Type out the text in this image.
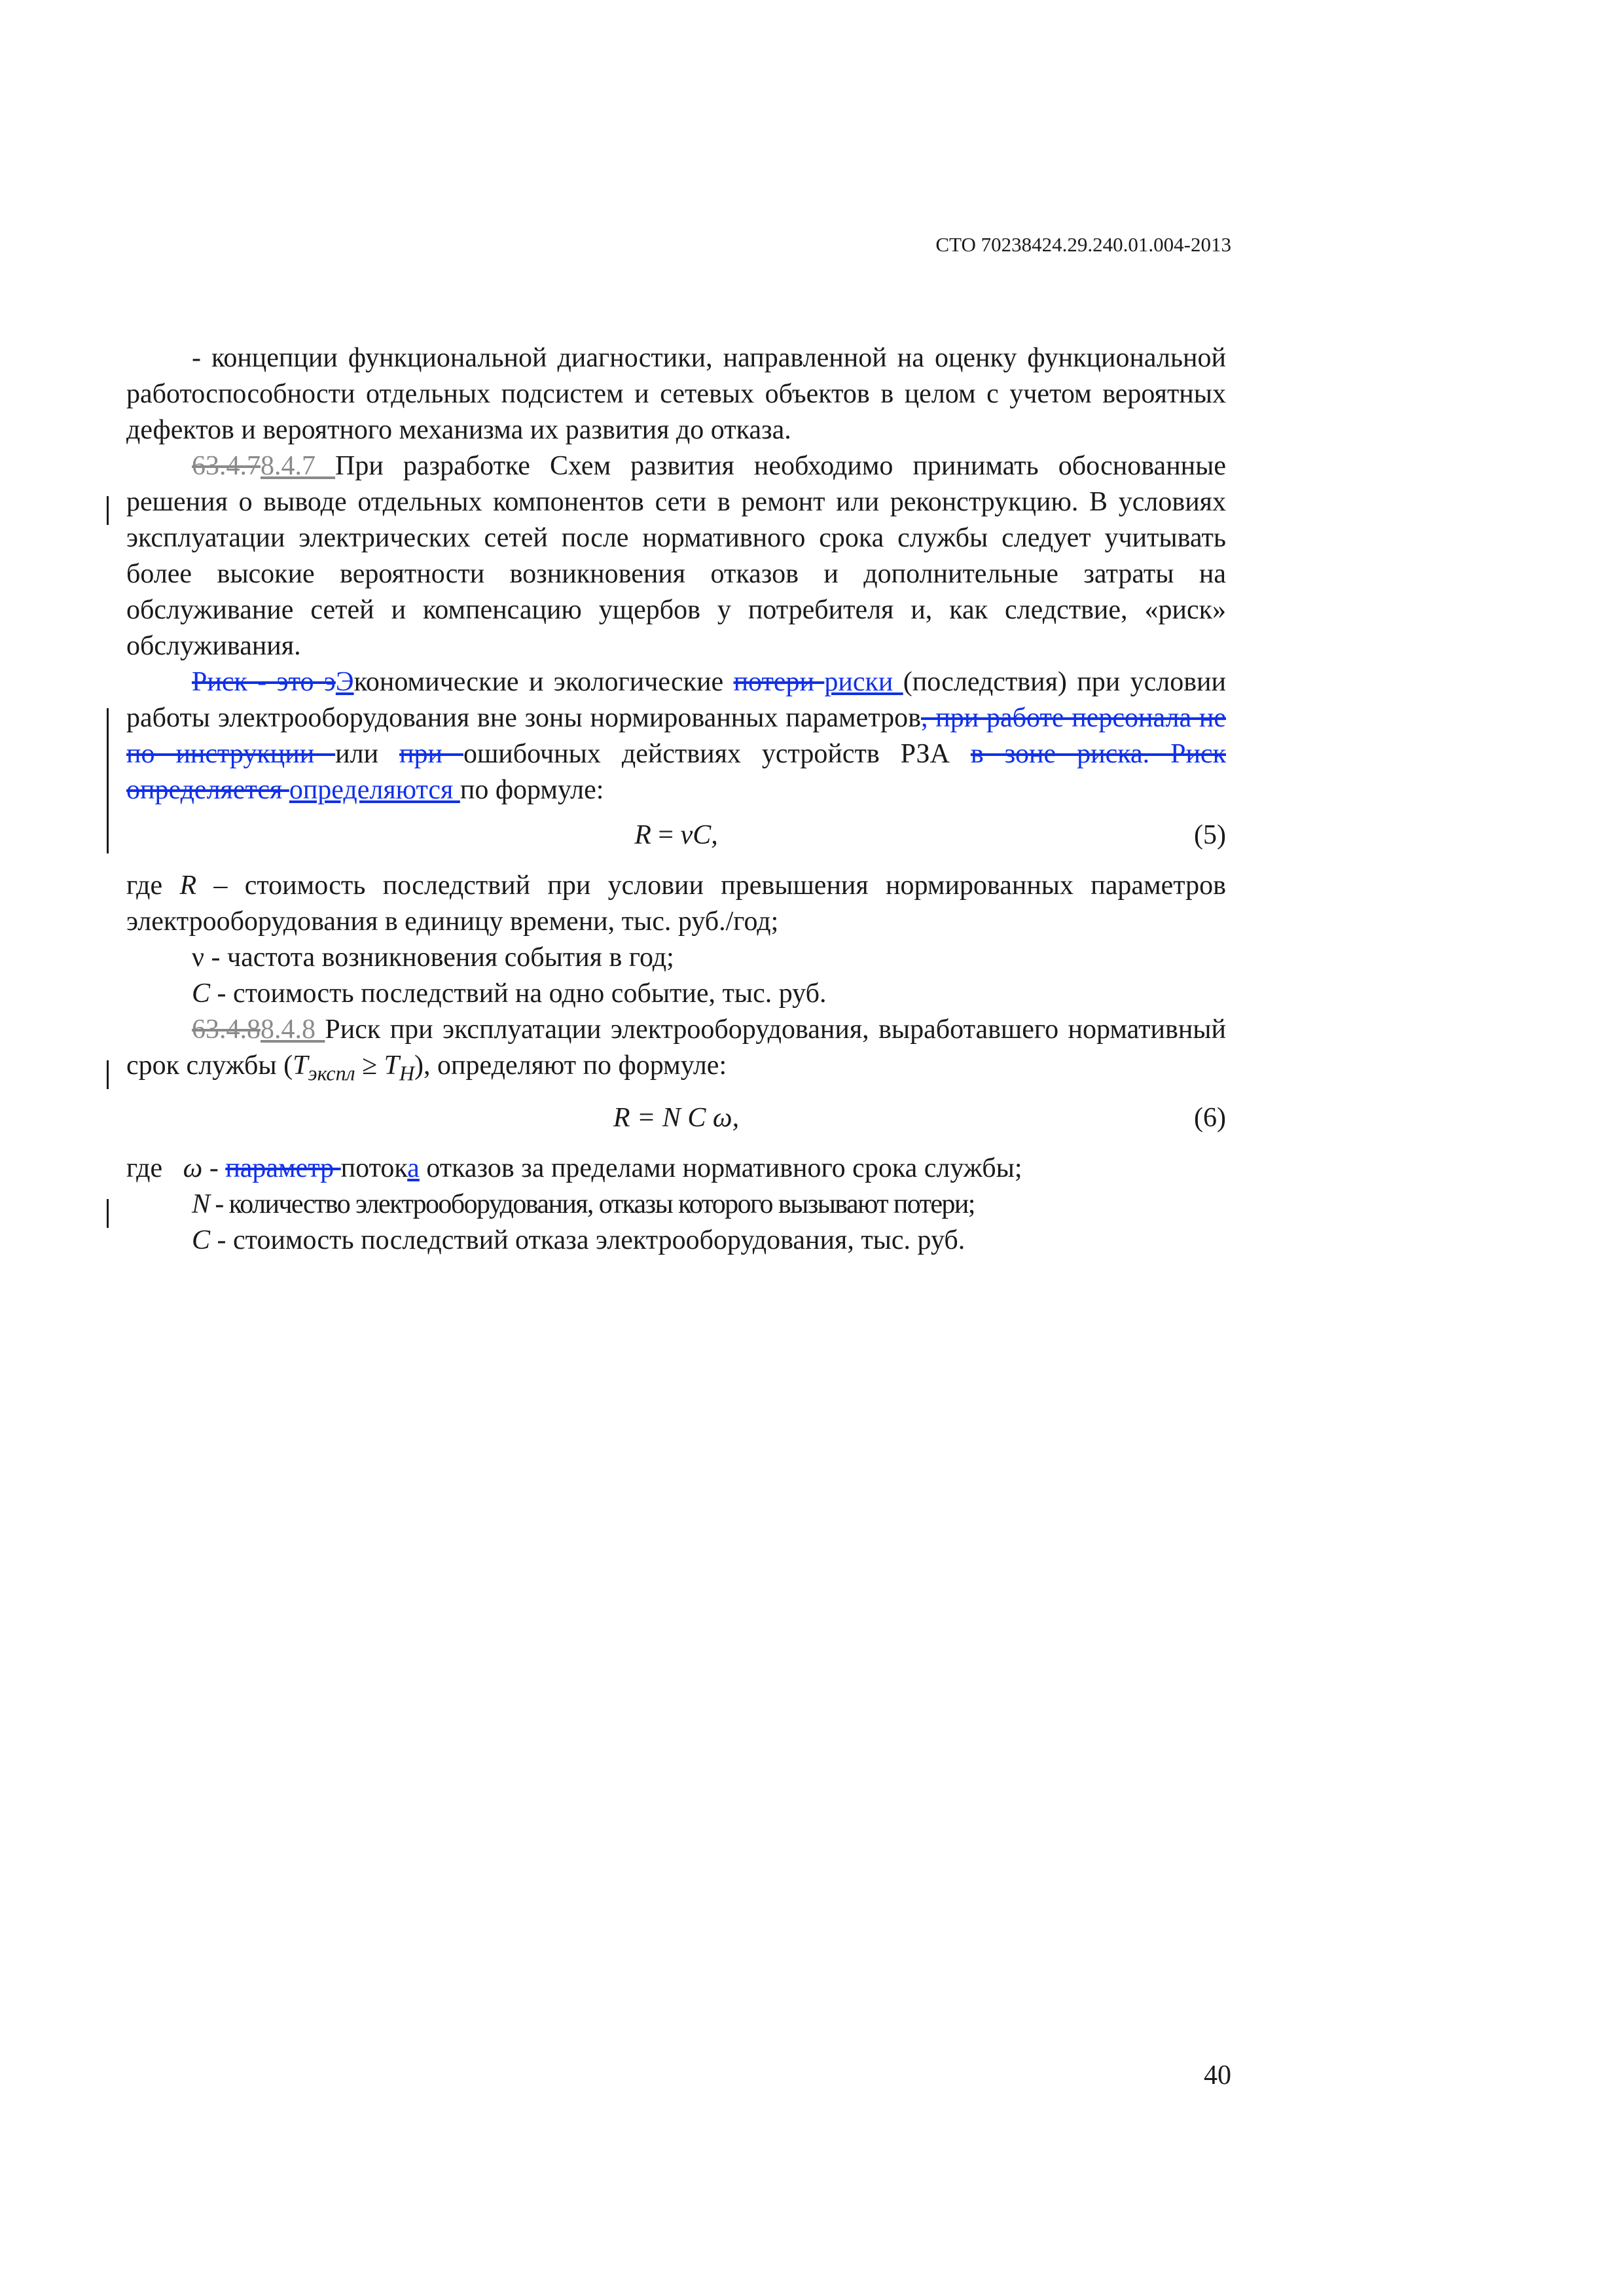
СТО 70238424.29.240.01.004-2013
- концепции функциональной диагностики, направленной на оценку функциональной работоспособности отдельных подсистем и сетевых объектов в целом с учетом вероятных дефектов и вероятного механизма их развития до отказа.
63.4.78.4.7 При разработке Схем развития необходимо принимать обоснованные решения о выводе отдельных компонентов сети в ремонт или реконструкцию. В условиях эксплуатации электрических сетей после нормативного срока службы следует учитывать более высокие вероятности возникновения отказов и дополнительные затраты на обслуживание сетей и компенсацию ущербов у потребителя и, как следствие, «риск» обслуживания.
Риск - это эЭкономические и экологические потери риски (последствия) при условии работы электрооборудования вне зоны нормированных параметров, при работе персонала не по инструкции или при ошибочных действиях устройств РЗА в зоне риска. Риск определяется определяются по формуле:
R = νC,	(5)
где R – стоимость последствий при условии превышения нормированных параметров электрооборудования в единицу времени, тыс. руб./год;
ν - частота возникновения события в год;
C - стоимость последствий на одно событие, тыс. руб.
63.4.88.4.8 Риск при эксплуатации электрооборудования, выработавшего нормативный срок службы $(T_{экспл} \ge T_Н)$, определяют по формуле:
R = N C ω,	(6)
где   ω - параметр потока отказов за пределами нормативного срока службы;
N - количество электрооборудования, отказы которого вызывают потери;
C - стоимость последствий отказа электрооборудования, тыс. руб.
40
